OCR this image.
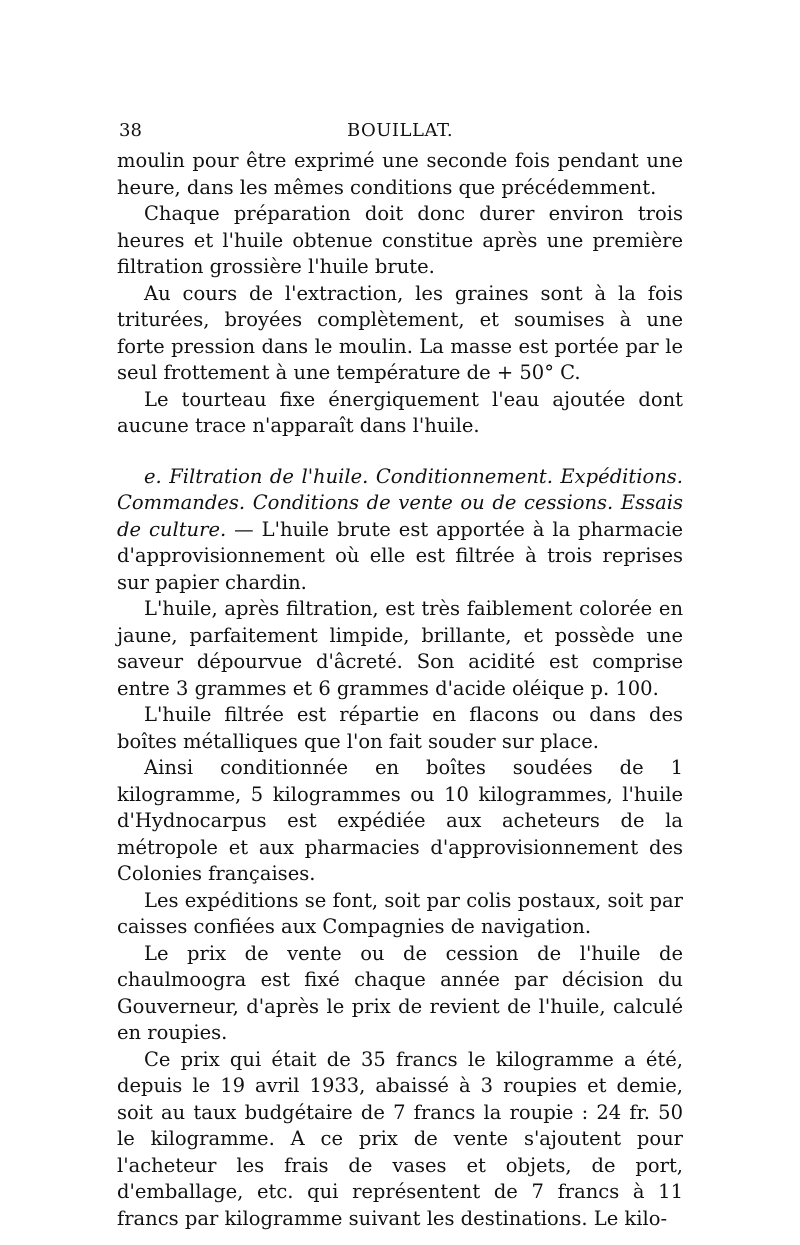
38	BOUILLAT.

moulin pour être exprimé une seconde fois pendant une heure, dans les mêmes conditions que précédemment.

Chaque préparation doit donc durer environ trois heures et l'huile obtenue constitue après une première filtration grossière l'huile brute.

Au cours de l'extraction, les graines sont à la fois triturées, broyées complètement, et soumises à une forte pression dans le moulin. La masse est portée par le seul frottement à une température de + 50° C.

Le tourteau fixe énergiquement l'eau ajoutée dont aucune trace n'apparaît dans l'huile.

e. Filtration de l'huile. Conditionnement. Expéditions. Commandes. Conditions de vente ou de cessions. Essais de culture. — L'huile brute est apportée à la pharmacie d'approvisionnement où elle est filtrée à trois reprises sur papier chardin.

L'huile, après filtration, est très faiblement colorée en jaune, parfaitement limpide, brillante, et possède une saveur dépourvue d'âcreté. Son acidité est comprise entre 3 grammes et 6 grammes d'acide oléique p. 100.

L'huile filtrée est répartie en flacons ou dans des boîtes métalliques que l'on fait souder sur place.

Ainsi conditionnée en boîtes soudées de 1 kilogramme, 5 kilogrammes ou 10 kilogrammes, l'huile d'Hydnocarpus est expédiée aux acheteurs de la métropole et aux pharmacies d'approvisionnement des Colonies françaises.

Les expéditions se font, soit par colis postaux, soit par caisses confiées aux Compagnies de navigation.

Le prix de vente ou de cession de l'huile de chaulmoogra est fixé chaque année par décision du Gouverneur, d'après le prix de revient de l'huile, calculé en roupies.

Ce prix qui était de 35 francs le kilogramme a été, depuis le 19 avril 1933, abaissé à 3 roupies et demie, soit au taux budgétaire de 7 francs la roupie : 24 fr. 50 le kilogramme. A ce prix de vente s'ajoutent pour l'acheteur les frais de vases et objets, de port, d'emballage, etc. qui représentent de 7 francs à 11 francs par kilogramme suivant les destinations. Le kilo-
